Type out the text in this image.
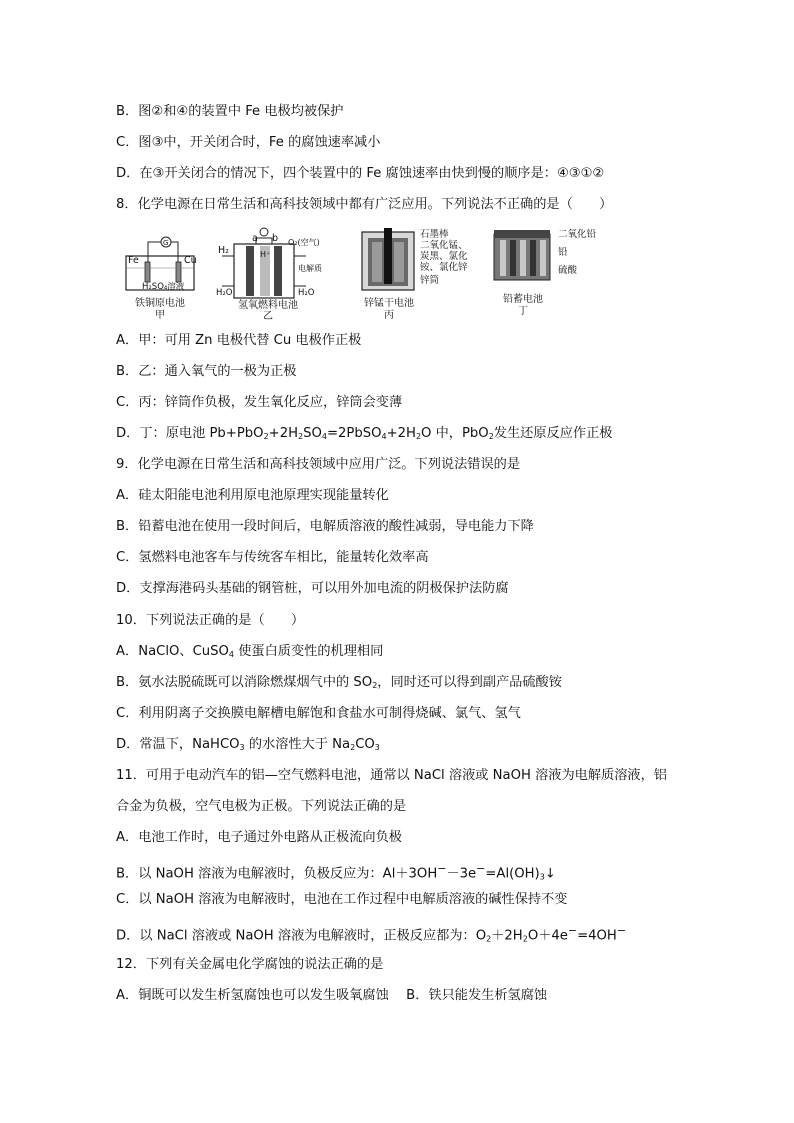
B．图②和④的装置中 Fe 电极均被保护
C．图③中，开关闭合时，Fe 的腐蚀速率减小
D．在③开关闭合的情况下，四个装置中的 Fe 腐蚀速率由快到慢的顺序是：④③①②
8．化学电源在日常生活和高科技领域中都有广泛应用。下列说法不正确的是（　　）
G
Fe	Cu
H₂SO₄溶液
铁铜原电池
甲
a b
H₂
O₂(空气)
H⁺
电解质
H₂O	H₂O
氢氧燃料电池
乙
石墨棒
二氧化锰、
炭黑、氯化
铵、氯化锌
锌筒
锌锰干电池
丙
二氧化铅
铅
硫酸
铅蓄电池
丁
A．甲：可用 Zn 电极代替 Cu 电极作正极
B．乙：通入氧气的一极为正极
C．丙：锌筒作负极，发生氧化反应，锌筒会变薄
D．丁：原电池 $Pb+PbO_2+2H_2SO_4=2PbSO_4+2H_2O$ 中，PbO$_2$发生还原反应作正极
9．化学电源在日常生活和高科技领域中应用广泛。下列说法错误的是
A．硅太阳能电池利用原电池原理实现能量转化
B．铅蓄电池在使用一段时间后，电解质溶液的酸性减弱，导电能力下降
C．氢燃料电池客车与传统客车相比，能量转化效率高
D．支撑海港码头基础的钢管桩，可以用外加电流的阴极保护法防腐
10．下列说法正确的是（　　）
A．NaClO、CuSO$_4$ 使蛋白质变性的机理相同
B．氨水法脱硫既可以消除燃煤烟气中的 $SO_2$，同时还可以得到副产品硫酸铵
C．利用阴离子交换膜电解槽电解饱和食盐水可制得烧碱、氯气、氢气
D．常温下，NaHCO$_3$ 的水溶性大于 $Na_2CO_3$
11．可用于电动汽车的铝—空气燃料电池，通常以 NaCl 溶液或 NaOH 溶液为电解质溶液，铝
合金为负极，空气电极为正极。下列说法正确的是
A．电池工作时，电子通过外电路从正极流向负极
B．以 NaOH 溶液为电解液时，负极反应为：$Al+3OH^--3e^-=Al(OH)_3↓$
C．以 NaOH 溶液为电解液时，电池在工作过程中电解质溶液的碱性保持不变
D．以 NaCl 溶液或 NaOH 溶液为电解液时，正极反应都为：$O_2+2H_2O+4e^-=4OH^-$
12．下列有关金属电化学腐蚀的说法正确的是
A．铜既可以发生析氢腐蚀也可以发生吸氧腐蚀　 B．铁只能发生析氢腐蚀
